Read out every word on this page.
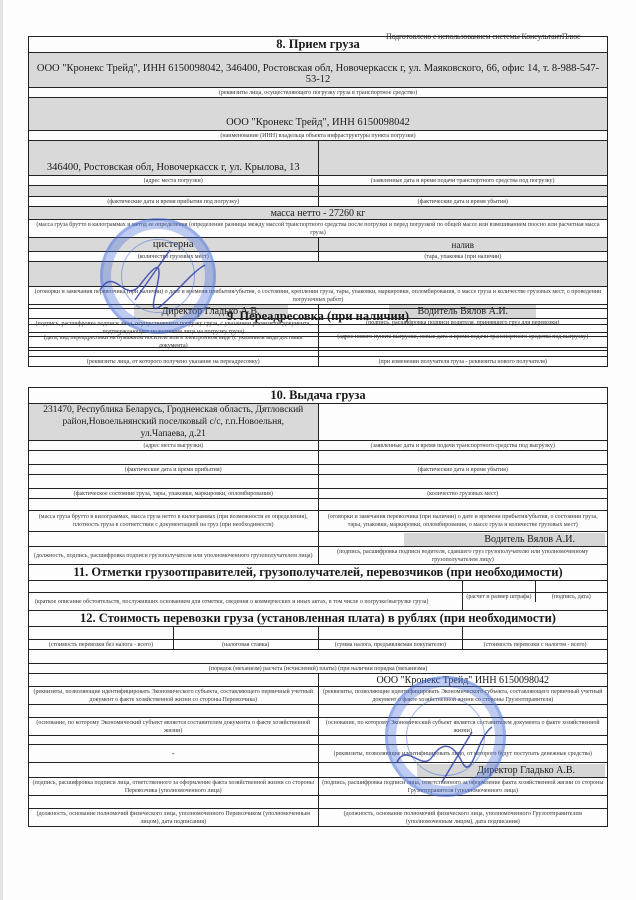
Подготовлено с использованием системы КонсультантПлюс
8. Прием груза	
ООО "Кронекс Трейд", ИНН 6150098042, 346400, Ростовская обл, Новочеркасск г, ул. Маяковского, 66, офис 14, т. 8-988-547-53-12	
(реквизиты лица, осуществляющего погрузку груза в транспортное средство)	
ООО "Кронекс Трейд", ИНН 6150098042	
(наименование (ИНН) владельца объекта инфраструктуры пункта погрузки)	
346400, Ростовская обл, Новочеркасск г, ул. Крылова, 13	
(адрес места погрузки)	(заявленные дата и время подачи транспортного средства под погрузку)

(фактические дата и время прибытия под погрузку)	(фактические дата и время убытия)
масса нетто - 27260 кг	
(масса груза брутто в килограммах и метод ее определения (определение разницы между массой транспортного средства после погрузки и перед погрузкой по общей массе или взвешиванием поосно или расчетная масса груза)	
цистерна	налив
(количество грузовых мест)	(тара, упаковка (при наличии)

(оговорки и замечания перевозчика (при наличии) о дате и времени прибытия/убытия, о состоянии, креплении груза, тары, упаковки, маркировки, опломбирования, о массе груза и количестве грузовых мест, о проведении погрузочных работ)	
Директор Гладько А.В.	Водитель Вялов А.И.
(подпись, расшифровка подписи лица, осуществившего погрузку груза, с указанием реквизитов документа, подтверждающего полномочия лица на погрузку груза)	(подпись, расшифровка подписи водителя, принявшего груз для перевозки)

9. Переадресовка (при наличии)	

(дата, вид переадресовки на бумажном носителе или в электронном виде (с указанием вида доставки документа)	(адрес нового пункта выгрузки, новые дата и время подачи транспортного средства под выгрузку)

(реквизиты лица, от которого получено указание на переадресовку)	(при изменении получателя груза - реквизиты нового получателя)
10. Выдача груза			
231470, Республика Беларусь, Гродненская область, Дятловский район,Новоельнянский поселковый с/с, г.п.Новоельня, ул.Чапаева, д.21			
(адрес места выгрузки)		(заявленные дата и время подачи транспортного средства под выгрузку)	

(фактические дата и время прибытия)		(фактические дата и время убытия)	

(фактическое состояние груза, тары, упаковки, маркировки, опломбирования)		(количество грузовых мест)	

(масса груза брутто в килограммах, масса груза нетто в килограммах (при возможности ее определения), плотность груза в соответствии с документацией на груз (при необходимости)		(оговорки и замечания перевозчика (при наличии) о дате и времени прибытия/убытия, о состоянии груза, тары, упаковки, маркировки, опломбирования, о массе груза и количестве грузовых мест)	
		Водитель Вялов А.И.	
(должность, подпись, расшифровка подписи грузополучателя или уполномоченного грузополучателем лица)		(подпись, расшифровка подписи водителя, сдавшего груз грузополучателю или уполномоченному грузополучателем лицу)	
11. Отметки грузоотправителей, грузополучателей, перевозчиков (при необходимости)			

(краткое описание обстоятельств, послуживших основанием для отметки, сведения о коммерческих и иных актах, в том числе о погрузке/выгрузке груза)			(расчет и размер штрафа) (подпись, дата)

12. Стоимость перевозки груза (установленная плата) в рублях (при необходимости)			

(стоимость перевозки без налога - всего)	(налоговая ставка)	(сумма налога, предъявляемая покупателю)	(стоимость перевозки с налогом - всего)

(порядок (механизм) расчета (исчислений) платы) (при наличии порядка (механизма)			
		ООО "Кронекс Трейд" ИНН 6150098042	
(реквизиты, позволяющие идентифицировать Экономического субъекта, составляющего первичный учетный документ о факте хозяйственной жизни со стороны Перевозчика)		(реквизиты, позволяющие идентифицировать Экономического субъекта, составляющего первичный учетный документ о факте хозяйственной жизни со стороны Грузоотправителя)	

(основание, по которому Экономический субъект является составителем документа о факте хозяйственной жизни)		(основание, по которому Экономический субъект является составителем документа о факте хозяйственной жизни)	

-		(реквизиты, позволяющие идентифицировать лицо, от которого будут поступать денежные средства)	
		Директор Гладько А.В.	
(подпись, расшифровка подписи лица, ответственного за оформление факта хозяйственной жизни со стороны Перевозчика (уполномоченного лица)		(подпись, расшифровка подписи лица, ответственного за оформление факта хозяйственной жизни со стороны Грузоотправителя (уполномоченного лица)	

(должность, основание полномочий физического лица, уполномоченного Перевозчиком (уполномоченным лицом), дата подписания)		(должность, основание полномочий физического лица, уполномоченного Грузоотправителем (уполномоченным лицом), дата подписания)	
